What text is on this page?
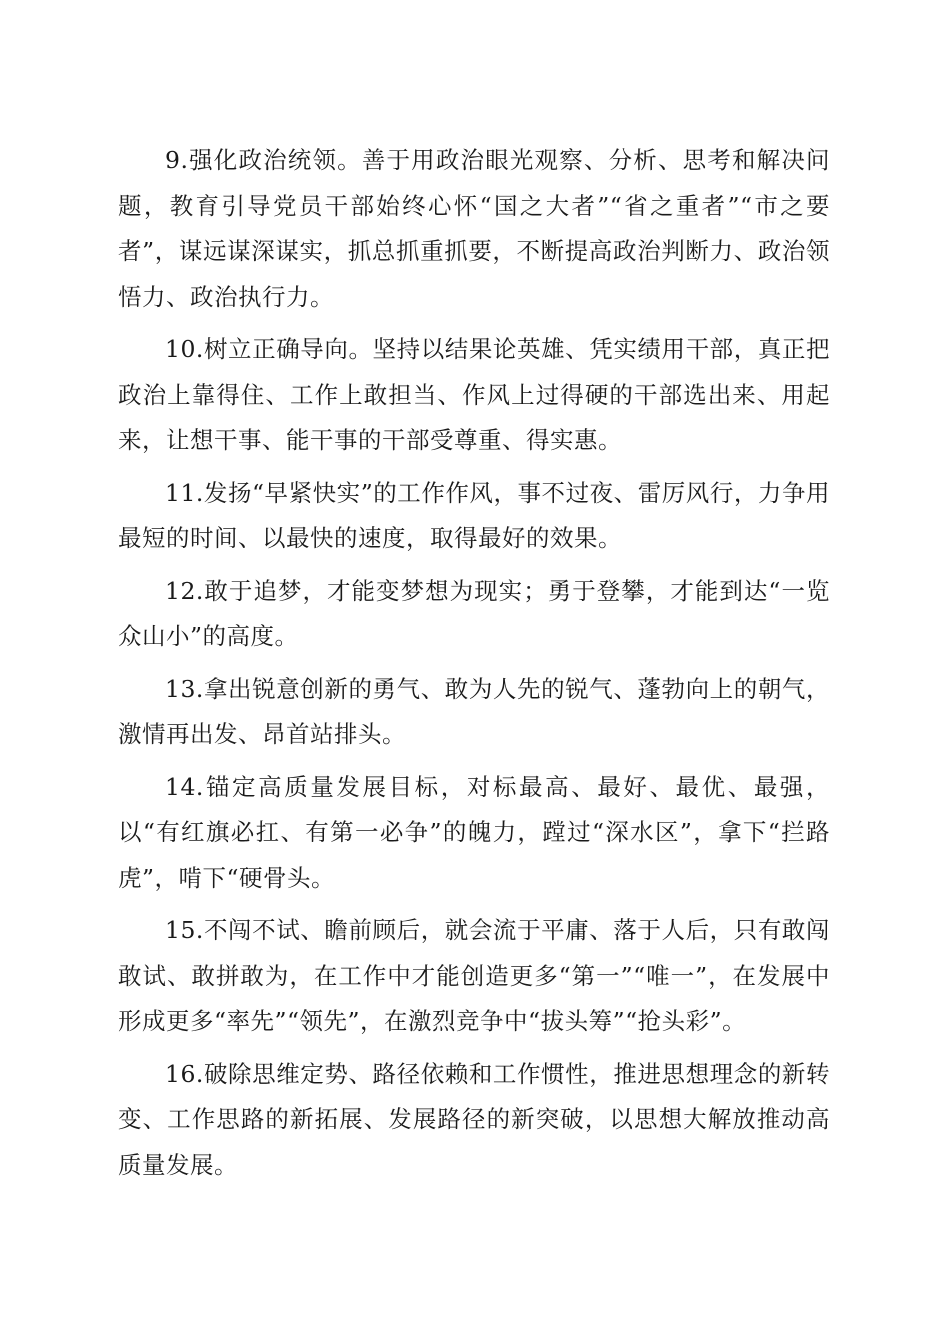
9.强化政治统领。善于用政治眼光观察、分析、思考和解决问题，教育引导党员干部始终心怀“国之大者”“省之重者”“市之要者”，谋远谋深谋实，抓总抓重抓要，不断提高政治判断力、政治领悟力、政治执行力。

10.树立正确导向。坚持以结果论英雄、凭实绩用干部，真正把政治上靠得住、工作上敢担当、作风上过得硬的干部选出来、用起来，让想干事、能干事的干部受尊重、得实惠。

11.发扬“早紧快实”的工作作风，事不过夜、雷厉风行，力争用最短的时间、以最快的速度，取得最好的效果。

12.敢于追梦，才能变梦想为现实；勇于登攀，才能到达“一览众山小”的高度。

13.拿出锐意创新的勇气、敢为人先的锐气、蓬勃向上的朝气，激情再出发、昂首站排头。

14.锚定高质量发展目标，对标最高、最好、最优、最强，以“有红旗必扛、有第一必争”的魄力，蹚过“深水区”，拿下“拦路虎”，啃下“硬骨头。

15.不闯不试、瞻前顾后，就会流于平庸、落于人后，只有敢闯敢试、敢拼敢为，在工作中才能创造更多“第一”“唯一”，在发展中形成更多“率先”“领先”，在激烈竞争中“拔头筹”“抢头彩”。

16.破除思维定势、路径依赖和工作惯性，推进思想理念的新转变、工作思路的新拓展、发展路径的新突破，以思想大解放推动高质量发展。
